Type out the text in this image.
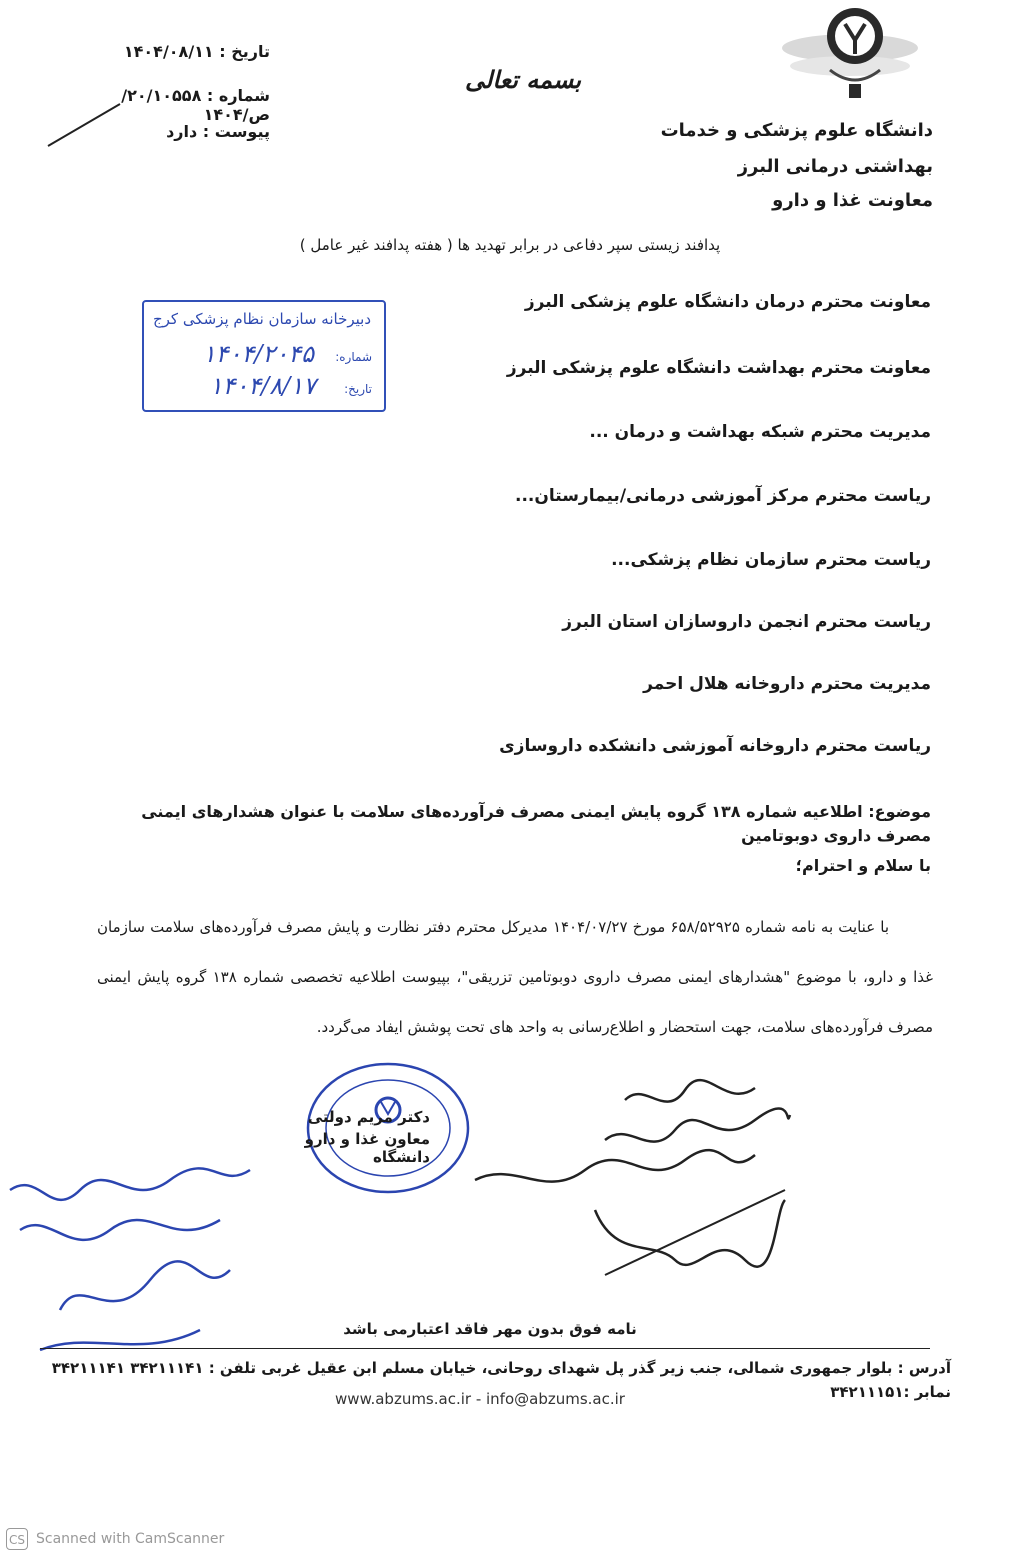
دانشگاه علوم پزشکی و خدمات
بهداشتی درمانی البرز
معاونت غذا و دارو
بسمه تعالی
تاریخ : ۱۴۰۴/۰۸/۱۱
شماره : ۲۰/۱۰۵۵۸/ص/۱۴۰۴
پیوست : دارد
پدافند زیستی سپر دفاعی در برابر تهدید ها ( هفته پدافند غیر عامل )
دبیرخانه سازمان نظام پزشکی کرج
شماره:
۱۴۰۴/۲۰۴۵
تاریخ:
۱۴۰۴/۸/۱۷
معاونت محترم درمان دانشگاه علوم پزشکی البرز
معاونت محترم بهداشت دانشگاه علوم پزشکی البرز
مدیریت محترم شبکه بهداشت و درمان ...
ریاست محترم مرکز آموزشی درمانی/بیمارستان...
ریاست محترم سازمان نظام پزشکی...
ریاست محترم انجمن داروسازان استان البرز
مدیریت محترم داروخانه هلال احمر
ریاست محترم داروخانه آموزشی دانشکده داروسازی
موضوع: اطلاعیه شماره ۱۳۸ گروه پایش ایمنی مصرف فرآورده‌های سلامت با عنوان هشدارهای ایمنی مصرف داروی دوبوتامین
با سلام و احترام؛
با عنایت به نامه شماره ۶۵۸/۵۲۹۲۵ مورخ ۱۴۰۴/۰۷/۲۷ مدیرکل محترم دفتر نظارت و پایش مصرف فرآورده‌های سلامت سازمان غذا و دارو، با موضوع "هشدارهای ایمنی مصرف داروی دوبوتامین تزریقی"، بپیوست اطلاعیه تخصصی شماره ۱۳۸ گروه پایش ایمنی مصرف فرآورده‌های سلامت، جهت استحضار و اطلاع‌رسانی به واحد های تحت پوشش ایفاد می‌گردد.
دکتر مریم دولتی
معاون غذا و دارو دانشگاه
نامه فوق بدون مهر فاقد اعتبارمی باشد
آدرس : بلوار جمهوری شمالی، جنب زیر گذر پل شهدای روحانی، خیابان مسلم ابن عقیل غربی تلفن : ۳۴۲۱۱۱۴۱ ۳۴۲۱۱۱۴۱ نمابر :۳۴۲۱۱۱۵۱
www.abzums.ac.ir - info@abzums.ac.ir
CS Scanned with CamScanner
